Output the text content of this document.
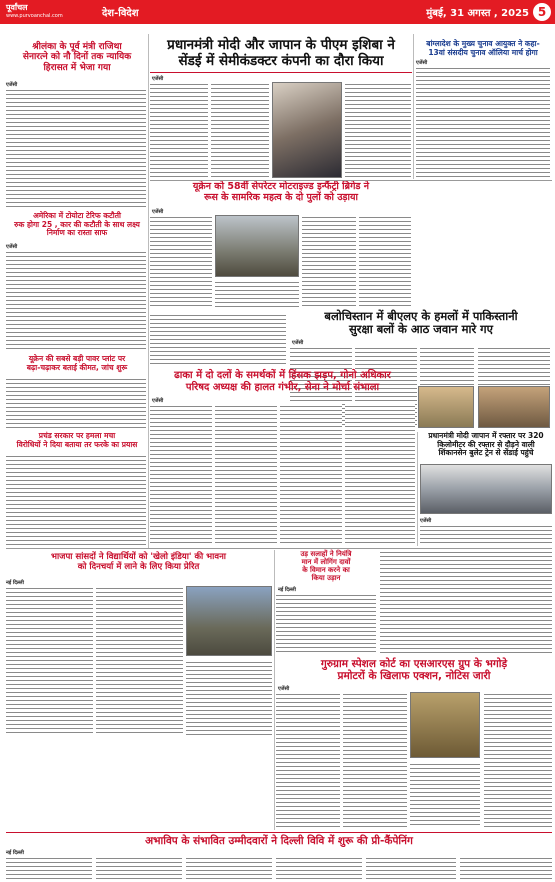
पूर्वांचल
www.purvoanchal.com	देश-विदेश	मुंबई, 31 अगस्त , 2025 5
श्रीलंका के पूर्व मंत्री राजिथा
सेनारत्ने को नौ दिनों तक न्यायिक
हिरासत में भेजा गया
एजेंसी
अमेरिका में टोयोटा टेरिफ कटौती
रुक होगा 25 , कार की कटौती के साथ लक्ष्य
निर्माण का रास्ता साफ
एजेंसी
यूक्रेन की सबसे बड़ी पावर प्लांट पर
बढ़ा-चढ़ाकर बताई कीमत, जांच शुरू
प्रचंड सरकार पर हमला मचा
विरोधियों ने दिया बताया तर फरके का प्रयास
भाजपा सांसदों ने विद्यार्थियों को 'खेलो इंडिया' की भावना
को दिनचर्या में लाने के लिए किया प्रेरित
नई दिल्ली
प्रधानमंत्री मोदी और जापान के पीएम इशिबा ने
सेंडई में सेमीकंडक्टर कंपनी का दौरा किया
एजेंसी
बांग्लादेश के मुख्य चुनाव आयुक्त ने कहा-
13वां संसदीय चुनाव ऑलिया मार्च होगा
एजेंसी
यूक्रेन को 58वीं सेपरेटर मोटराइज्ड इन्फैंट्री ब्रिगेड ने
रूस के सामरिक महत्व के दो पुलों को उड़ाया
एजेंसी
बलोचिस्तान में बीएलए के हमलों में पाकिस्तानी
सुरक्षा बलों के आठ जवान मारे गए
एजेंसी
ढाका में दो दलों के समर्थकों में हिंसक झड़प, गोनो अधिकार
परिषद अध्यक्ष की हालत गंभीर, सेना ने मोर्चा संभाला
एजेंसी
प्रधानमंत्री मोदी जापान में रफ्तार पर 320
किलोमीटर की रफ्तार से दौड़ने वाली
शिंकानसेन बुलेट ट्रेन से सेंडाई पहुंचे
एजेंसी
उड़ सलाहों ने नियंत्रि
मान में लोगिंग दावों
के विमान करने का
किया उड़ान
नई दिल्ली
गुरुग्राम स्पेशल कोर्ट का एसआरएस ग्रुप के भगोड़े
प्रमोटरों के खिलाफ एक्शन, नोटिस जारी
एजेंसी
अभाविप के संभावित उम्मीदवारों ने दिल्ली विवि में शुरू की प्री-कैंपेनिंग
नई दिल्ली
